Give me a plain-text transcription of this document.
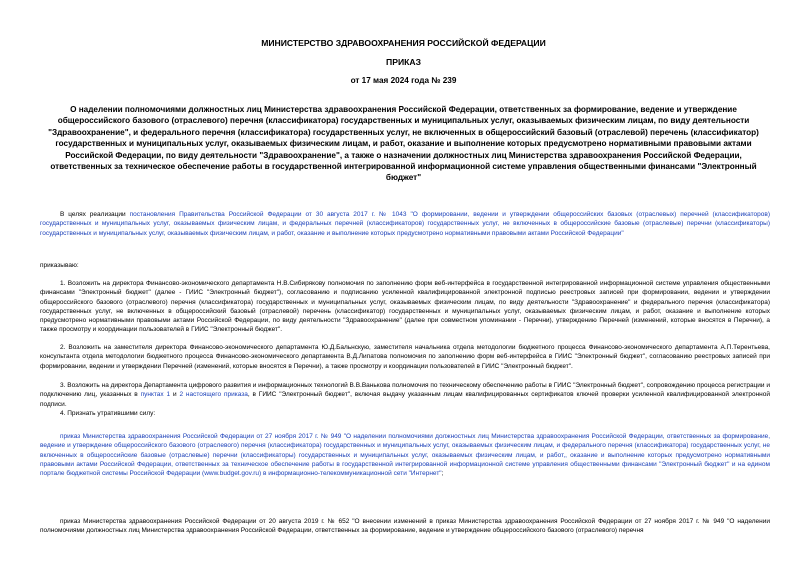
МИНИСТЕРСТВО ЗДРАВООХРАНЕНИЯ РОССИЙСКОЙ ФЕДЕРАЦИИ
ПРИКАЗ
от 17 мая 2024 года № 239
О наделении полномочиями должностных лиц Министерства здравоохранения Российской Федерации, ответственных за формирование, ведение и утверждение общероссийского базового (отраслевого) перечня (классификатора) государственных и муниципальных услуг, оказываемых физическим лицам, по виду деятельности "Здравоохранение", и федерального перечня (классификатора) государственных услуг, не включенных в общероссийский базовый (отраслевой) перечень (классификатор) государственных и муниципальных услуг, оказываемых физическим лицам, и работ, оказание и выполнение которых предусмотрено нормативными правовыми актами Российской Федерации, по виду деятельности "Здравоохранение", а также о назначении должностных лиц Министерства здравоохранения Российской Федерации, ответственных за техническое обеспечение работы в государственной интегрированной информационной системе управления общественными финансами "Электронный бюджет"

В целях реализации постановления Правительства Российской Федерации от 30 августа 2017 г. № 1043 "О формировании, ведении и утверждении общероссийских базовых (отраслевых) перечней (классификаторов) государственных и муниципальных услуг, оказываемых физическим лицам, и федеральных перечней (классификаторов) государственных услуг, не включенных в общероссийские базовые (отраслевые) перечни (классификаторы) государственных и муниципальных услуг, оказываемых физическим лицам, и работ, оказание и выполнение которых предусмотрено нормативными правовыми актами Российской Федерации"

приказываю:

1. Возложить на директора Финансово-экономического департамента Н.В.Сибирякову полномочия по заполнению форм веб-интерфейса в государственной интегрированной информационной системе управления общественными финансами "Электронный бюджет" (далее - ГИИС "Электронный бюджет"), согласованию и подписанию усиленной квалифицированной электронной подписью реестровых записей при формировании, ведении и утверждении общероссийского базового (отраслевого) перечня (классификатора) государственных и муниципальных услуг, оказываемых физическим лицам, по виду деятельности "Здравоохранение" и федерального перечня (классификатора) государственных услуг, не включенных в общероссийский базовый (отраслевой) перечень (классификатор) государственных и муниципальных услуг, оказываемых физическим лицам, и работ, оказание и выполнение которых предусмотрено нормативными правовыми актами Российской Федерации, по виду деятельности "Здравоохранение" (далее при совместном упоминании - Перечни), утверждению Перечней (изменений, которые вносятся в Перечни), а также просмотру и координации пользователей в ГИИС "Электронный бюджет".

2. Возложить на заместителя директора Финансово-экономического департамента Ю.Д.Бальнскую, заместителя начальника отдела методологии бюджетного процесса Финансово-экономического департамента А.П.Терентьева, консультанта отдела методологии бюджетного процесса Финансово-экономического департамента В.Д.Липатова полномочия по заполнению форм веб-интерфейса в ГИИС "Электронный бюджет", согласованию реестровых записей при формировании, ведении и утверждении Перечней (изменений, которые вносятся в Перечни), а также просмотру и координации пользователей в ГИИС "Электронный бюджет".

3. Возложить на директора Департамента цифрового развития и информационных технологий В.В.Ванькова полномочия по техническому обеспечению работы в ГИИС "Электронный бюджет", сопровождению процесса регистрации и подключению лиц, указанных в пунктах 1 и 2 настоящего приказа, в ГИИС "Электронный бюджет", включая выдачу указанным лицам квалифицированных сертификатов ключей проверки усиленной квалифицированной электронной подписи.

4. Признать утратившими силу:

приказ Министерства здравоохранения Российской Федерации от 27 ноября 2017 г. № 949 "О наделении полномочиями должностных лиц Министерства здравоохранения Российской Федерации, ответственных за формирование, ведение и утверждение общероссийского базового (отраслевого) перечня (классификатора) государственных и муниципальных услуг, оказываемых физическим лицам, и федерального перечня (классификатора) государственных услуг, не включенных в общероссийские базовые (отраслевые) перечни (классификаторы) государственных и муниципальных услуг, оказываемых физическим лицам, и работ,, оказание и выполнение которых предусмотрено нормативными правовыми актами Российской Федерации, ответственных за техническое обеспечение работы в государственной интегрированной информационной системе управления общественными финансами "Электронный бюджет" и на едином портале бюджетной системы Российской Федерации (www.budget.gov.ru) в информационно-телекоммуникационной сети "Интернет";

приказ Министерства здравоохранения Российской Федерации от 20 августа 2019 г. № 652 "О внесении изменений в приказ Министерства здравоохранения Российской Федерации от 27 ноября 2017 г. № 949 "О наделении полномочиями должностных лиц Министерства здравоохранения Российской Федерации, ответственных за формирование, ведение и утверждение общероссийского базового (отраслевого) перечня
